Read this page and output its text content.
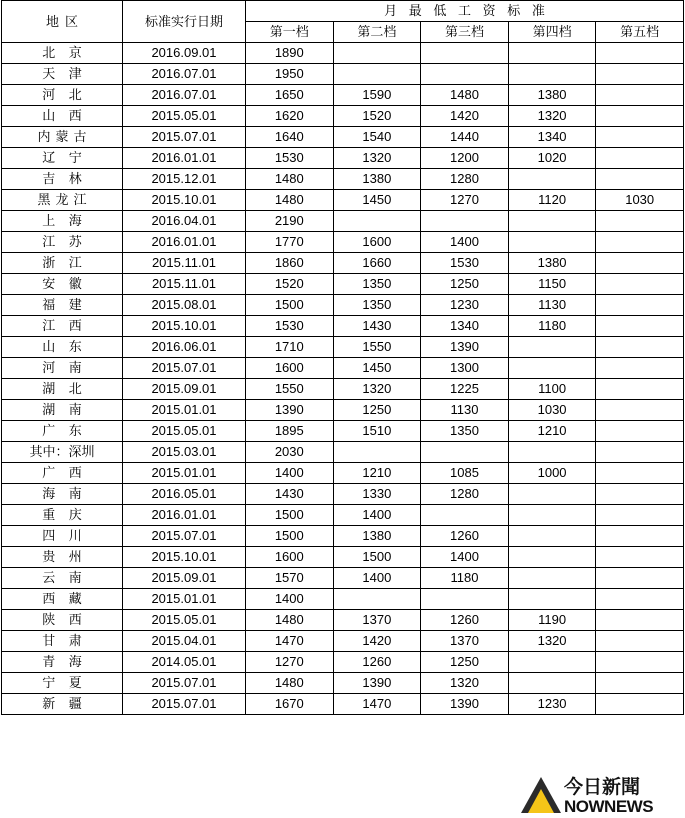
地区	标准实行日期	月 最 低 工 资 标 准				
		第一档	第二档	第三档	第四档	第五档
北 京	2016.09.01	1890				
天 津	2016.07.01	1950				
河 北	2016.07.01	1650	1590	1480	1380	
山 西	2015.05.01	1620	1520	1420	1320	
内蒙古	2015.07.01	1640	1540	1440	1340	
辽 宁	2016.01.01	1530	1320	1200	1020	
吉 林	2015.12.01	1480	1380	1280		
黑龙江	2015.10.01	1480	1450	1270	1120	1030
上 海	2016.04.01	2190				
江 苏	2016.01.01	1770	1600	1400		
浙 江	2015.11.01	1860	1660	1530	1380	
安 徽	2015.11.01	1520	1350	1250	1150	
福 建	2015.08.01	1500	1350	1230	1130	
江 西	2015.10.01	1530	1430	1340	1180	
山 东	2016.06.01	1710	1550	1390		
河 南	2015.07.01	1600	1450	1300		
湖 北	2015.09.01	1550	1320	1225	1100	
湖 南	2015.01.01	1390	1250	1130	1030	
广 东	2015.05.01	1895	1510	1350	1210	
其中：深圳	2015.03.01	2030				
广 西	2015.01.01	1400	1210	1085	1000	
海 南	2016.05.01	1430	1330	1280		
重 庆	2016.01.01	1500	1400			
四 川	2015.07.01	1500	1380	1260		
贵 州	2015.10.01	1600	1500	1400		
云 南	2015.09.01	1570	1400	1180		
西 藏	2015.01.01	1400				
陕 西	2015.05.01	1480	1370	1260	1190	
甘 肃	2015.04.01	1470	1420	1370	1320	
青 海	2014.05.01	1270	1260	1250		
宁 夏	2015.07.01	1480	1390	1320		
新 疆	2015.07.01	1670	1470	1390	1230	
今日新聞
NOWNEWS
